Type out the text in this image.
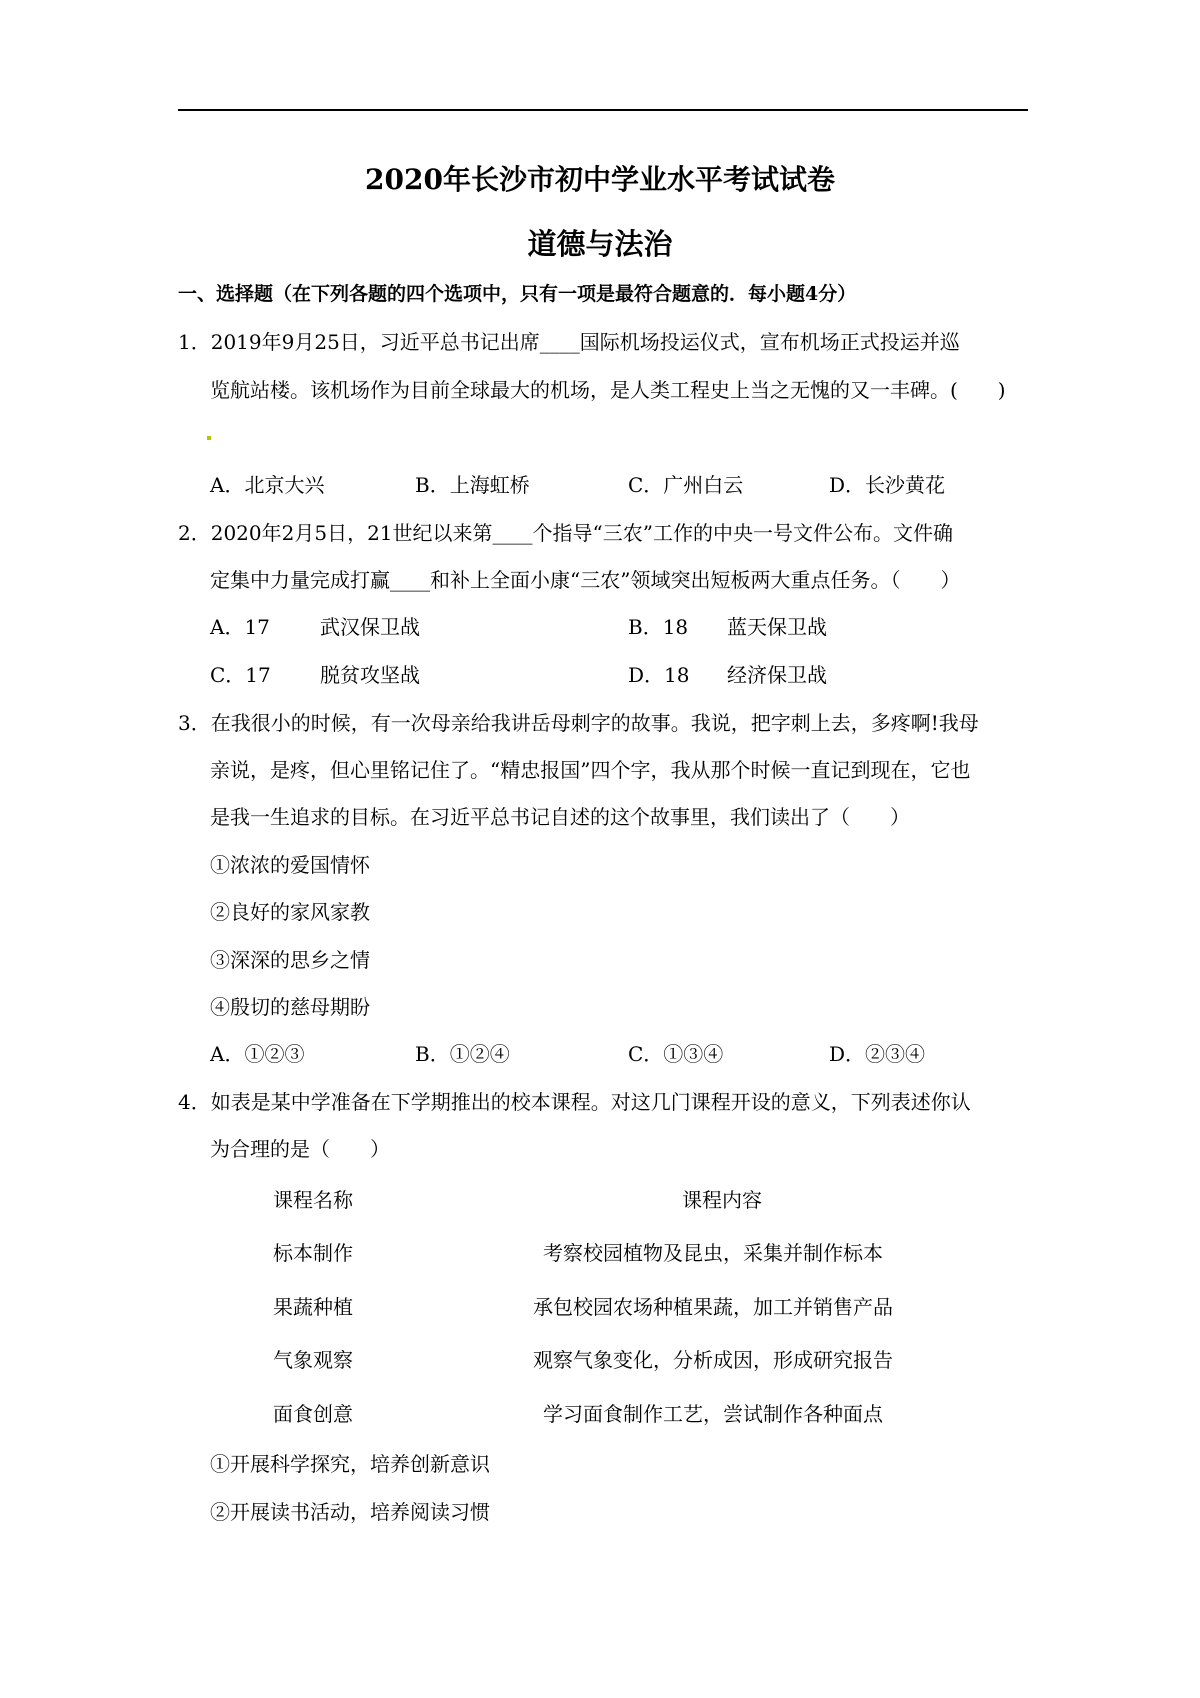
2020年长沙市初中学业水平考试试卷
道德与法治
一、选择题（在下列各题的四个选项中，只有一项是最符合题意的．每小题4分）
1．2019年9月25日，习近平总书记出席____国际机场投运仪式，宣布机场正式投运并巡
览航站楼。该机场作为目前全球最大的机场，是人类工程史上当之无愧的又一丰碑。(　　)
A．北京大兴	B．上海虹桥	C．广州白云	D．长沙黄花
2．2020年2月5日，21世纪以来第____个指导“三农”工作的中央一号文件公布。文件确
定集中力量完成打赢____和补上全面小康“三农”领域突出短板两大重点任务。（　　）
A．17	武汉保卫战	B．18 蓝天保卫战
C．17 脱贫攻坚战	D．18 经济保卫战
3．在我很小的时候，有一次母亲给我讲岳母刺字的故事。我说，把字刺上去，多疼啊!我母
亲说，是疼，但心里铭记住了。“精忠报国”四个字，我从那个时候一直记到现在，它也
是我一生追求的目标。在习近平总书记自述的这个故事里，我们读出了（　　）
①浓浓的爱国情怀
②良好的家风家教
③深深的思乡之情
④殷切的慈母期盼
A．①②③	B．①②④	C．①③④	D．②③④
4．如表是某中学准备在下学期推出的校本课程。对这几门课程开设的意义，下列表述你认
为合理的是（　　）
课程名称	课程内容
标本制作	考察校园植物及昆虫，采集并制作标本
果蔬种植	承包校园农场种植果蔬，加工并销售产品
气象观察	观察气象变化，分析成因，形成研究报告
面食创意	学习面食制作工艺，尝试制作各种面点
①开展科学探究，培养创新意识
②开展读书活动，培养阅读习惯
